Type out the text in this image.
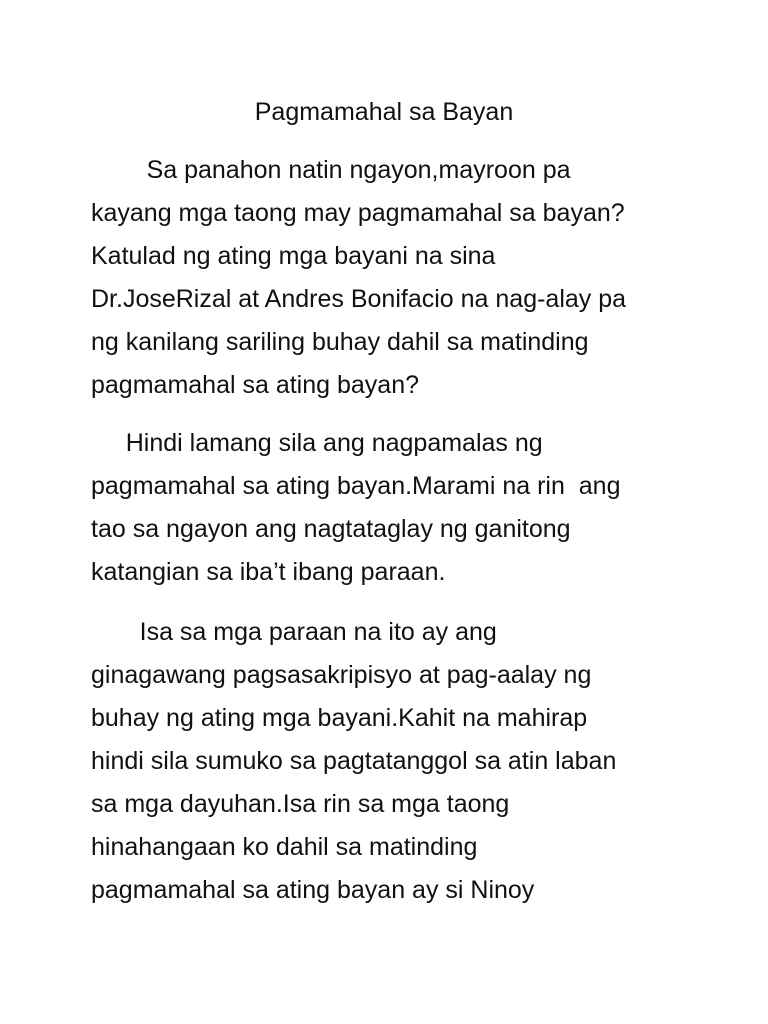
Pagmamahal sa Bayan

Sa panahon natin ngayon,mayroon pa
kayang mga taong may pagmamahal sa bayan?
Katulad ng ating mga bayani na sina
Dr.JoseRizal at Andres Bonifacio na nag-alay pa
ng kanilang sariling buhay dahil sa matinding
pagmamahal sa ating bayan?

Hindi lamang sila ang nagpamalas ng
pagmamahal sa ating bayan.Marami na rin  ang
tao sa ngayon ang nagtataglay ng ganitong
katangian sa iba’t ibang paraan.

Isa sa mga paraan na ito ay ang
ginagawang pagsasakripisyo at pag-aalay ng
buhay ng ating mga bayani.Kahit na mahirap
hindi sila sumuko sa pagtatanggol sa atin laban
sa mga dayuhan.Isa rin sa mga taong
hinahangaan ko dahil sa matinding
pagmamahal sa ating bayan ay si Ninoy
